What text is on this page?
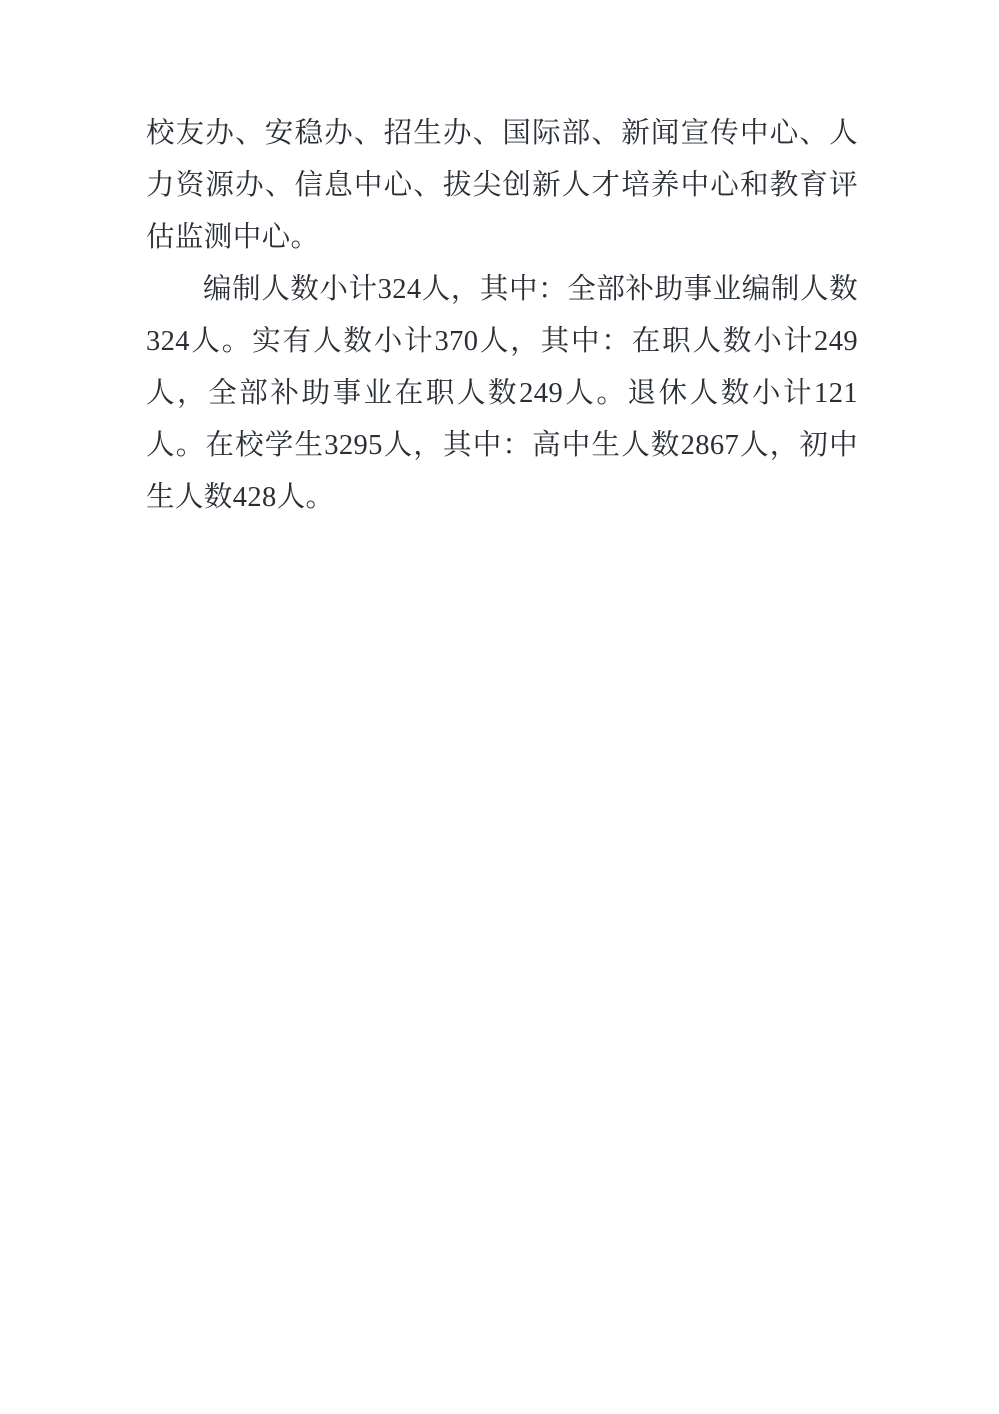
校友办、安稳办、招生办、国际部、新闻宣传中心、人力资源办、信息中心、拔尖创新人才培养中心和教育评估监测中心。

编制人数小计324人，其中：全部补助事业编制人数324人。实有人数小计370人，其中：在职人数小计249人，全部补助事业在职人数249人。退休人数小计121人。在校学生3295人，其中：高中生人数2867人，初中生人数428人。
